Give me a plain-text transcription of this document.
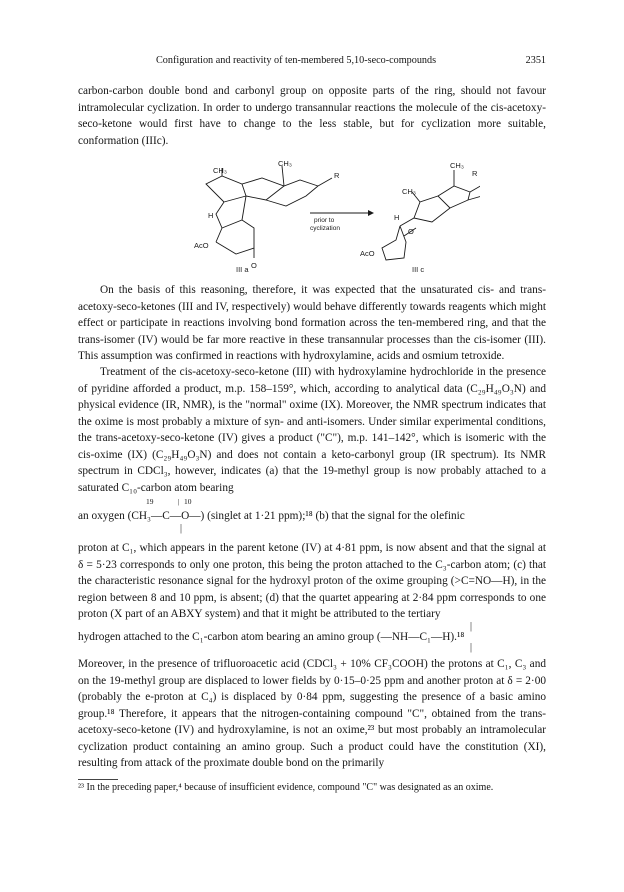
Configuration and reactivity of ten-membered 5,10-seco-compounds	2351

carbon-carbon double bond and carbonyl group on opposite parts of the ring, should not favour intramolecular cyclization. In order to undergo transannular reactions the molecule of the cis-acetoxy-seco-ketone would first have to change to the less stable, but for cyclization more suitable, conformation (IIIc).

CH₃
CH₃
R
H
AcO
O
prior to
cyclization
CH₃
CH₃
R
H
O
AcO
III a	III c

On the basis of this reasoning, therefore, it was expected that the unsaturated cis- and trans-acetoxy-seco-ketones (III and IV, respectively) would behave differently towards reagents which might effect or participate in reactions involving bond formation across the ten-membered ring, and that the trans-isomer (IV) would be far more reactive in these transannular processes than the cis-isomer (III). This assumption was confirmed in reactions with hydroxylamine, acids and osmium tetroxide.

Treatment of the cis-acetoxy-seco-ketone (III) with hydroxylamine hydrochloride in the presence of pyridine afforded a product, m.p. 158–159°, which, according to analytical data (C₂₉H₄₉O₃N) and physical evidence (IR, NMR), is the "normal" oxime (IX). Moreover, the NMR spectrum indicates that the oxime is most probably a mixture of syn- and anti-isomers. Under similar experimental conditions, the trans-acetoxy-seco-ketone (IV) gives a product ("C"), m.p. 141–142°, which is isomeric with the cis-oxime (IX) (C₂₉H₄₉O₃N) and does not contain a keto-carbonyl group (IR spectrum). Its NMR spectrum in CDCl₃, however, indicates (a) that the 19-methyl group is now probably attached to a saturated C₁₀-carbon atom bearing

19	| 10

an oxygen (CH₃—C—O—) (singlet at 1·21 ppm);¹⁸ (b) that the signal for the olefinic

|

proton at C₁, which appears in the parent ketone (IV) at 4·81 ppm, is now absent and that the signal at δ = 5·23 corresponds to only one proton, this being the proton attached to the C₃-carbon atom; (c) that the characteristic resonance signal for the hydroxyl proton of the oxime grouping (>C=NO—H), in the region between 8 and 10 ppm, is absent; (d) that the quartet appearing at 2·84 ppm corresponds to one proton (X part of an ABXY system) and that it might be attributed to the tertiary

|

hydrogen attached to the C₁-carbon atom bearing an amino group (—NH—C₁—H).¹⁸

|

Moreover, in the presence of trifluoroacetic acid (CDCl₃ + 10% CF₃COOH) the protons at C₁, C₃ and on the 19-methyl group are displaced to lower fields by 0·15–0·25 ppm and another proton at δ = 2·00 (probably the e-proton at C₄) is displaced by 0·84 ppm, suggesting the presence of a basic amino group.¹⁸ Therefore, it appears that the nitrogen-containing compound "C", obtained from the trans-acetoxy-seco-ketone (IV) and hydroxylamine, is not an oxime,²³ but most probably an intramolecular cyclization product containing an amino group. Such a product could have the constitution (XI), resulting from attack of the proximate double bond on the primarily

²³ In the preceding paper,⁴ because of insufficient evidence, compound "C" was designated as an oxime.
